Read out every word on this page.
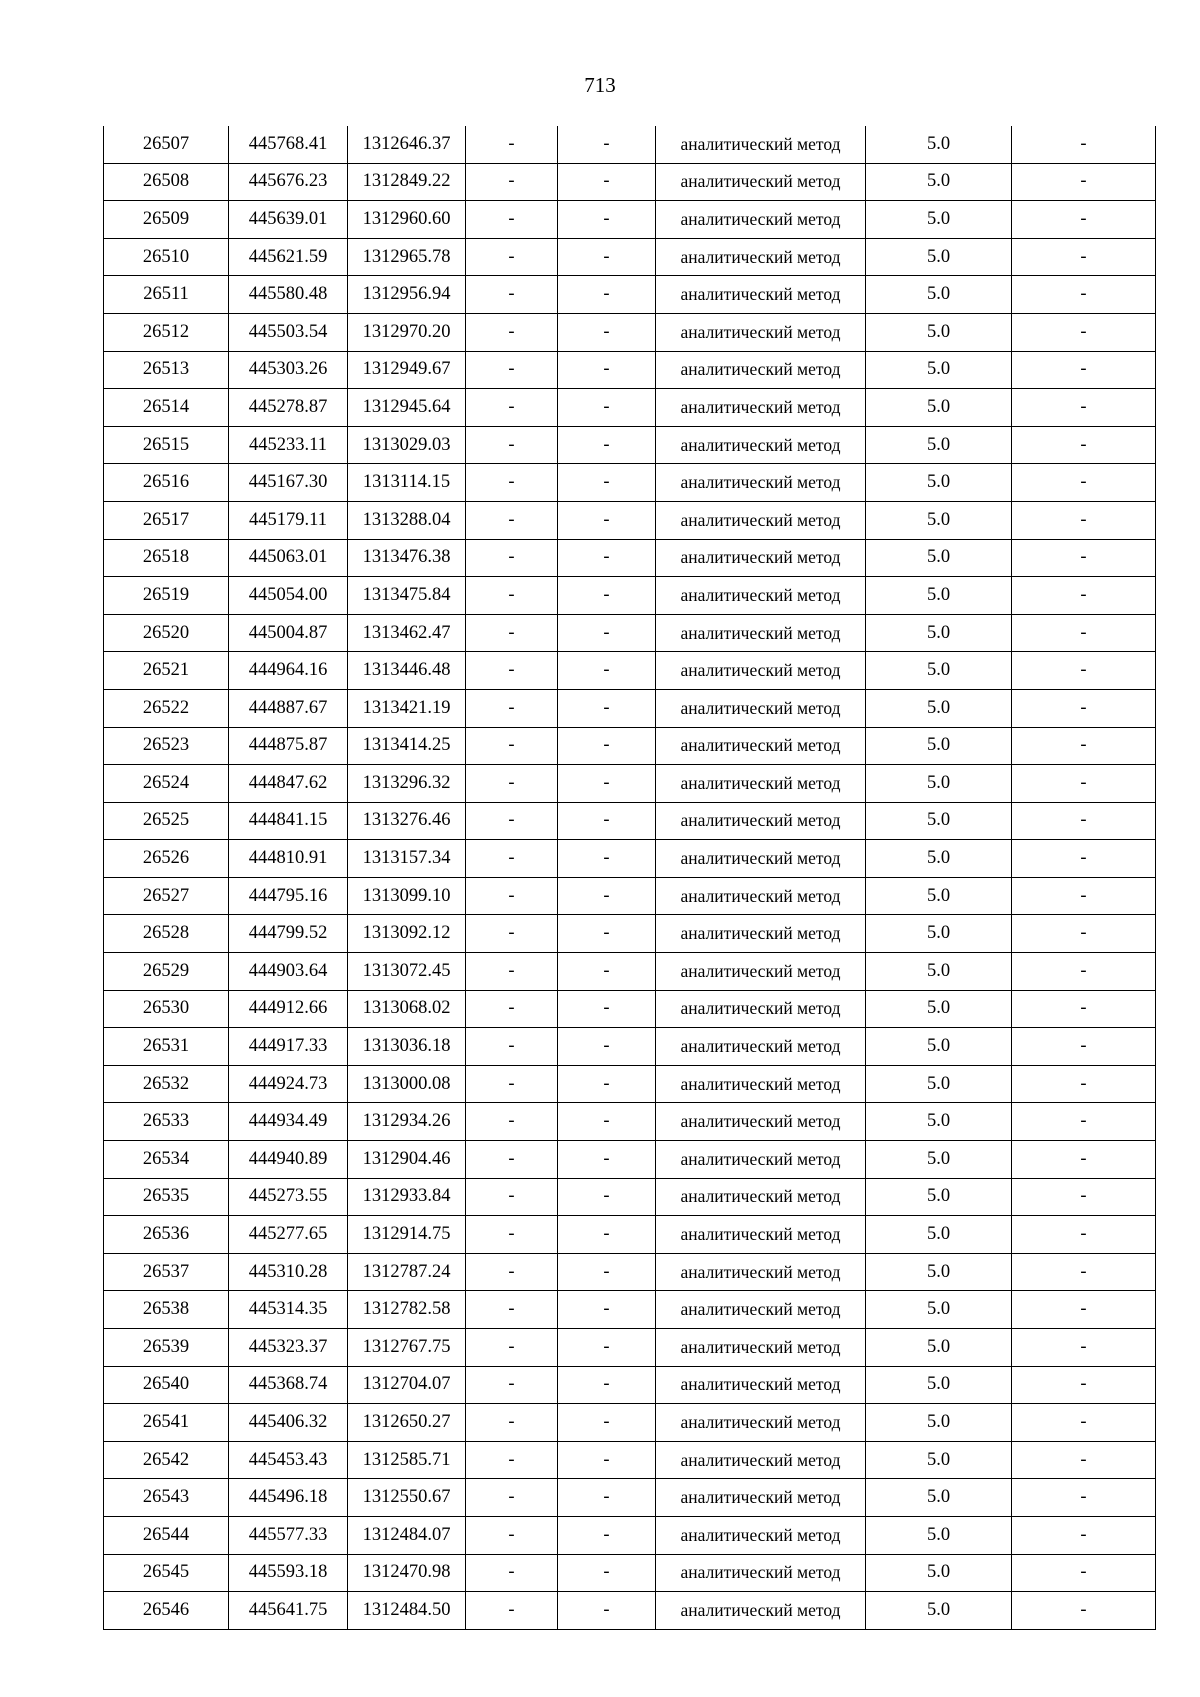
713
26507	445768.41	1312646.37	-	-	аналитический метод	5.0	-
26508	445676.23	1312849.22	-	-	аналитический метод	5.0	-
26509	445639.01	1312960.60	-	-	аналитический метод	5.0	-
26510	445621.59	1312965.78	-	-	аналитический метод	5.0	-
26511	445580.48	1312956.94	-	-	аналитический метод	5.0	-
26512	445503.54	1312970.20	-	-	аналитический метод	5.0	-
26513	445303.26	1312949.67	-	-	аналитический метод	5.0	-
26514	445278.87	1312945.64	-	-	аналитический метод	5.0	-
26515	445233.11	1313029.03	-	-	аналитический метод	5.0	-
26516	445167.30	1313114.15	-	-	аналитический метод	5.0	-
26517	445179.11	1313288.04	-	-	аналитический метод	5.0	-
26518	445063.01	1313476.38	-	-	аналитический метод	5.0	-
26519	445054.00	1313475.84	-	-	аналитический метод	5.0	-
26520	445004.87	1313462.47	-	-	аналитический метод	5.0	-
26521	444964.16	1313446.48	-	-	аналитический метод	5.0	-
26522	444887.67	1313421.19	-	-	аналитический метод	5.0	-
26523	444875.87	1313414.25	-	-	аналитический метод	5.0	-
26524	444847.62	1313296.32	-	-	аналитический метод	5.0	-
26525	444841.15	1313276.46	-	-	аналитический метод	5.0	-
26526	444810.91	1313157.34	-	-	аналитический метод	5.0	-
26527	444795.16	1313099.10	-	-	аналитический метод	5.0	-
26528	444799.52	1313092.12	-	-	аналитический метод	5.0	-
26529	444903.64	1313072.45	-	-	аналитический метод	5.0	-
26530	444912.66	1313068.02	-	-	аналитический метод	5.0	-
26531	444917.33	1313036.18	-	-	аналитический метод	5.0	-
26532	444924.73	1313000.08	-	-	аналитический метод	5.0	-
26533	444934.49	1312934.26	-	-	аналитический метод	5.0	-
26534	444940.89	1312904.46	-	-	аналитический метод	5.0	-
26535	445273.55	1312933.84	-	-	аналитический метод	5.0	-
26536	445277.65	1312914.75	-	-	аналитический метод	5.0	-
26537	445310.28	1312787.24	-	-	аналитический метод	5.0	-
26538	445314.35	1312782.58	-	-	аналитический метод	5.0	-
26539	445323.37	1312767.75	-	-	аналитический метод	5.0	-
26540	445368.74	1312704.07	-	-	аналитический метод	5.0	-
26541	445406.32	1312650.27	-	-	аналитический метод	5.0	-
26542	445453.43	1312585.71	-	-	аналитический метод	5.0	-
26543	445496.18	1312550.67	-	-	аналитический метод	5.0	-
26544	445577.33	1312484.07	-	-	аналитический метод	5.0	-
26545	445593.18	1312470.98	-	-	аналитический метод	5.0	-
26546	445641.75	1312484.50	-	-	аналитический метод	5.0	-
